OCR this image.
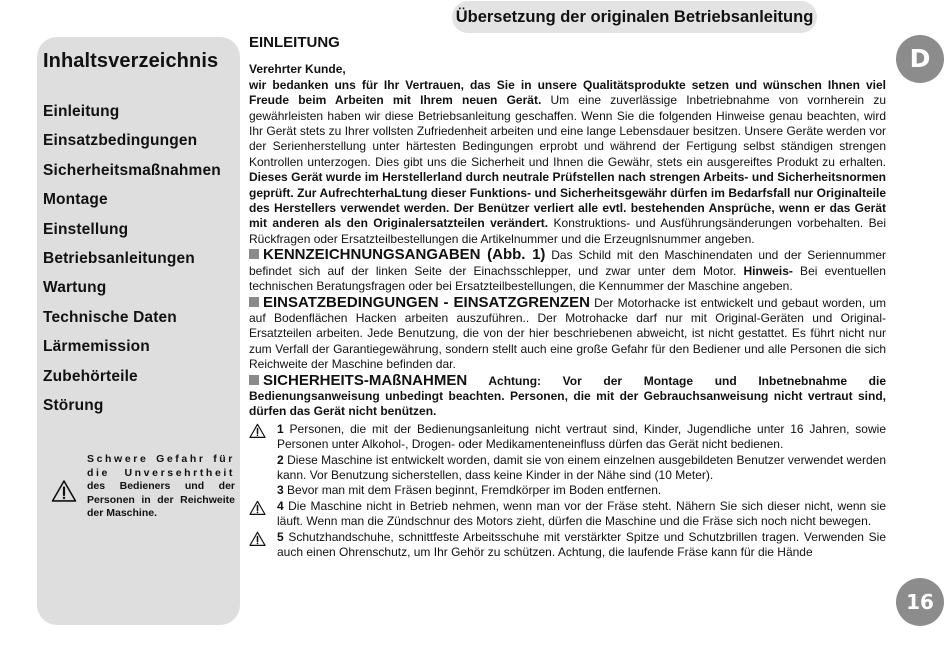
Übersetzung der originalen Betriebsanleitung
Inhaltsverzeichnis
Einleitung
Einsatzbedingungen
Sicherheitsmaßnahmen
Montage
Einstellung
Betriebsanleitungen
Wartung
Technische Daten
Lärmemission
Zubehörteile
Störung
Schwere Gefahr für die Unversehrtheit des Bedieners und der Personen in der Reichweite der Maschine.
D
16
EINLEITUNG

Verehrter Kunde,
wir bedanken uns für Ihr Vertrauen, das Sie in unsere Qualitätsprodukte setzen und wünschen Ihnen viel Freude beim Arbeiten mit Ihrem neuen Gerät. Um eine zuverlässige Inbetriebnahme von vornherein zu gewährleisten haben wir diese Betriebsanleitung geschaffen. Wenn Sie die folgenden Hinweise genau beachten, wird Ihr Gerät stets zu Ihrer vollsten Zufriedenheit arbeiten und eine lange Lebensdauer besitzen. Unsere Geräte werden vor der Serienherstellung unter härtesten Bedingungen erprobt und während der Fertigung selbst ständigen strengen Kontrollen unterzogen. Dies gibt uns die Sicherheit und Ihnen die Gewähr, stets ein ausgereiftes Produkt zu erhalten. Dieses Gerät wurde im Herstellerland durch neutrale Prüfstellen nach strengen Arbeits- und Sicherheitsnormen geprüft. Zur AufrechterhaLtung dieser Funktions- und Sicherheitsgewähr dürfen im Bedarfsfall nur Originalteile des Herstellers verwendet werden. Der Benützer verliert alle evtl. bestehenden Ansprüche, wenn er das Gerät mit anderen als den Originalersatzteilen verändert. Konstruktions- und Ausführungsänderungen vorbehalten. Bei Rückfragen oder Ersatzteilbestellungen die Artikelnummer und die Erzeugnlsnummer angeben.

KENNZEICHNUNGSANGABEN (Abb. 1) Das Schild mit den Maschinendaten und der Seriennummer befindet sich auf der linken Seite der Einachsschlepper, und zwar unter dem Motor. Hinweis- Bei eventuellen technischen Beratungsfragen oder bei Ersatzteilbestellungen, die Kennummer der Maschine angeben.

EINSATZBEDINGUNGEN - EINSATZGRENZEN Der Motorhacke ist entwickelt und gebaut worden, um auf Bodenflächen Hacken arbeiten auszuführen.. Der Motrohacke darf nur mit Original-Geräten und Original-Ersatzteilen arbeiten. Jede Benutzung, die von der hier beschriebenen abweicht, ist nicht gestattet. Es führt nicht nur zum Verfall der Garantiegewährung, sondern stellt auch eine große Gefahr für den Bediener und alle Personen die sich Reichweite der Maschine befinden dar.

SICHERHEITS-MAßNAHMEN Achtung: Vor der Montage und Inbetnebnahme die Bedienungsanweisung unbedingt beachten. Personen, die mit der Gebrauchsanweisung nicht vertraut sind, dürfen das Gerät nicht benützen.

1 Personen, die mit der Bedienungsanleitung nicht vertraut sind, Kinder, Jugendliche unter 16 Jahren, sowie Personen unter Alkohol-, Drogen- oder Medikamenteneinfluss dürfen das Gerät nicht bedienen.

2 Diese Maschine ist entwickelt worden, damit sie von einem einzelnen ausgebildeten Benutzer verwendet werden kann. Vor Benutzung sicherstellen, dass keine Kinder in der Nähe sind (10 Meter).

3 Bevor man mit dem Fräsen beginnt, Fremdkörper im Boden entfernen.

4 Die Maschine nicht in Betrieb nehmen, wenn man vor der Fräse steht. Nähern Sie sich dieser nicht, wenn sie läuft. Wenn man die Zündschnur des Motors zieht, dürfen die Maschine und die Fräse sich noch nicht bewegen.

5 Schutzhandschuhe, schnittfeste Arbeitsschuhe mit verstärkter Spitze und Schutzbrillen tragen. Verwenden Sie auch einen Ohrenschutz, um Ihr Gehör zu schützen. Achtung, die laufende Fräse kann für die Hände
